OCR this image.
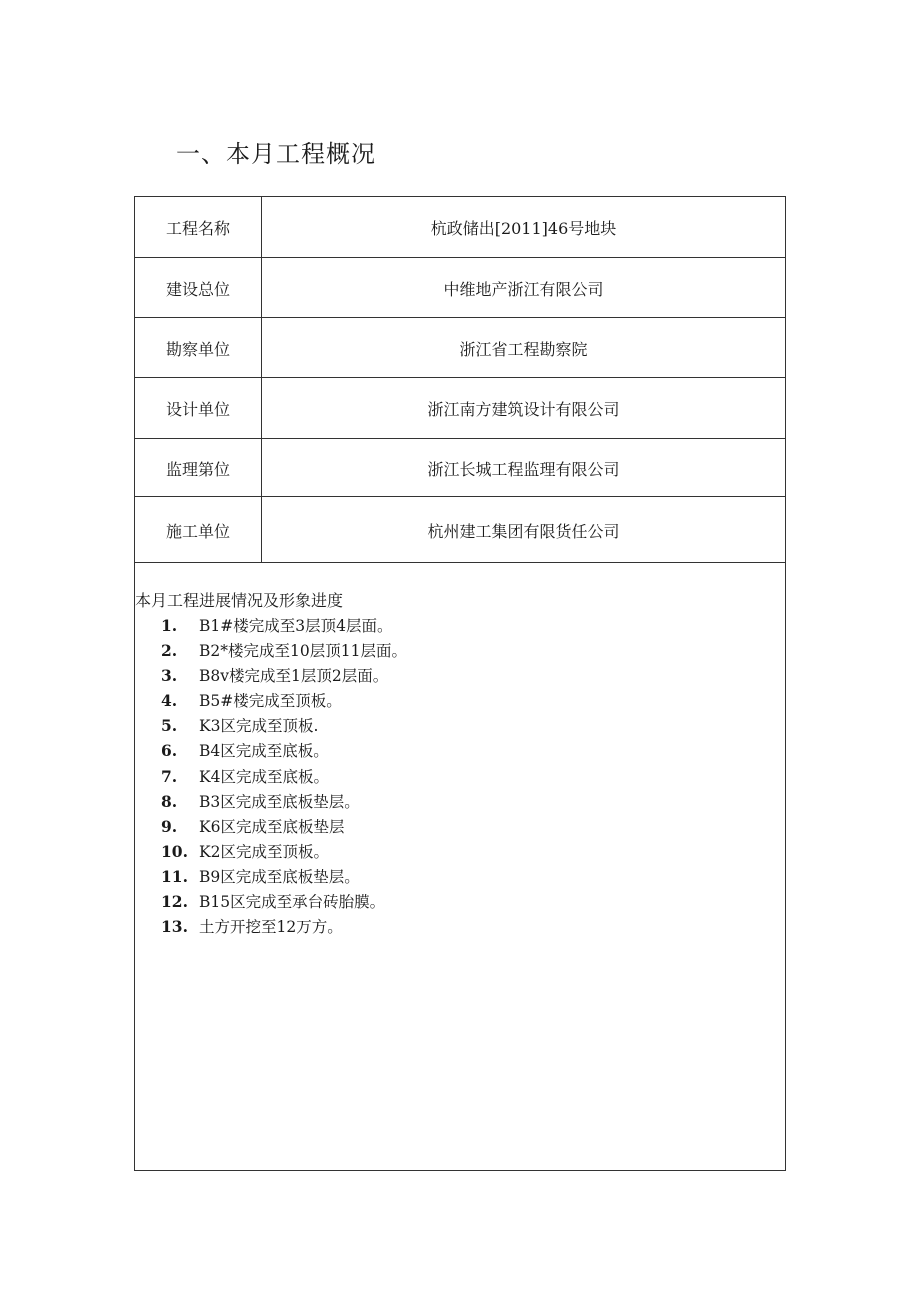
一、本月工程概况
工程名称	杭政储出[2011]46号地块
建设总位	中维地产浙江有限公司
勘察单位	浙江省工程勘察院
设计单位	浙江南方建筑设计有限公司
监理第位	浙江长城工程监理有限公司
施工单位	杭州建工集团有限货任公司
本月工程进展情况及形象进度
1. B1#楼完成至3层顶4层面。
2. B2*楼完成至10层顶11层面。
3. B8v楼完成至1层顶2层面。
4. B5#楼完成至顶板。
5. K3区完成至顶板.
6. B4区完成至底板。
7. K4区完成至底板。
8. B3区完成至底板垫层。
9. K6区完成至底板垫层
10. K2区完成至顶板。
11. B9区完成至底板垫层。
12. B15区完成至承台砖胎膜。
13. 土方开挖至12万方。
